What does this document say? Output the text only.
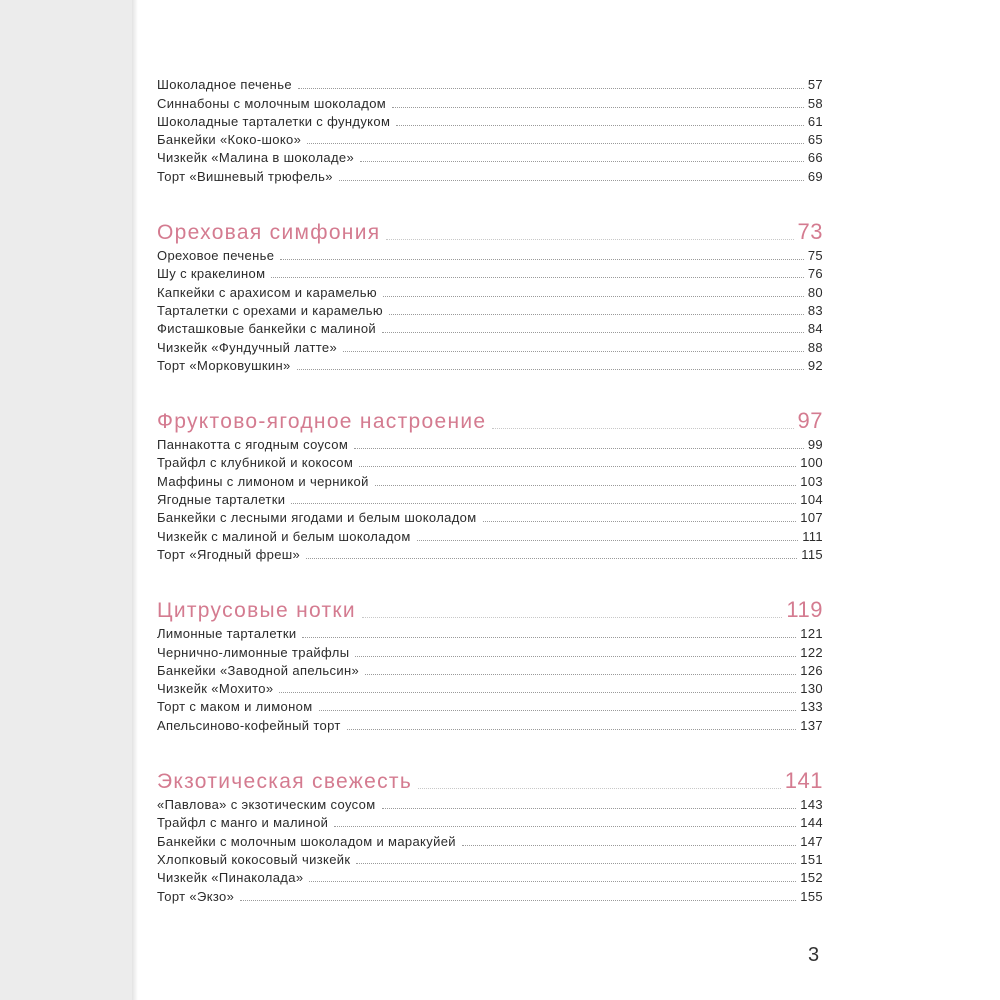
Шоколадное печенье	57
Синнабоны с молочным шоколадом	58
Шоколадные тарталетки с фундуком	61
Банкейки «Коко-шоко»	65
Чизкейк «Малина в шоколаде»	66
Торт «Вишневый трюфель»	69
Ореховая симфония	73
Ореховое печенье	75
Шу с кракелином	76
Капкейки с арахисом и карамелью	80
Тарталетки с орехами и карамелью	83
Фисташковые банкейки с малиной	84
Чизкейк «Фундучный латте»	88
Торт «Морковушкин»	92
Фруктово-ягодное настроение	97
Паннакотта с ягодным соусом	99
Трайфл с клубникой и кокосом	100
Маффины с лимоном и черникой	103
Ягодные тарталетки	104
Банкейки с лесными ягодами и белым шоколадом	107
Чизкейк с малиной и белым шоколадом	111
Торт «Ягодный фреш»	115
Цитрусовые нотки	119
Лимонные тарталетки	121
Чернично-лимонные трайфлы	122
Банкейки «Заводной апельсин»	126
Чизкейк «Мохито»	130
Торт с маком и лимоном	133
Апельсиново-кофейный торт	137
Экзотическая свежесть	141
«Павлова» с экзотическим соусом	143
Трайфл с манго и малиной	144
Банкейки с молочным шоколадом и маракуйей	147
Хлопковый кокосовый чизкейк	151
Чизкейк «Пинаколада»	152
Торт «Экзо»	155
3
